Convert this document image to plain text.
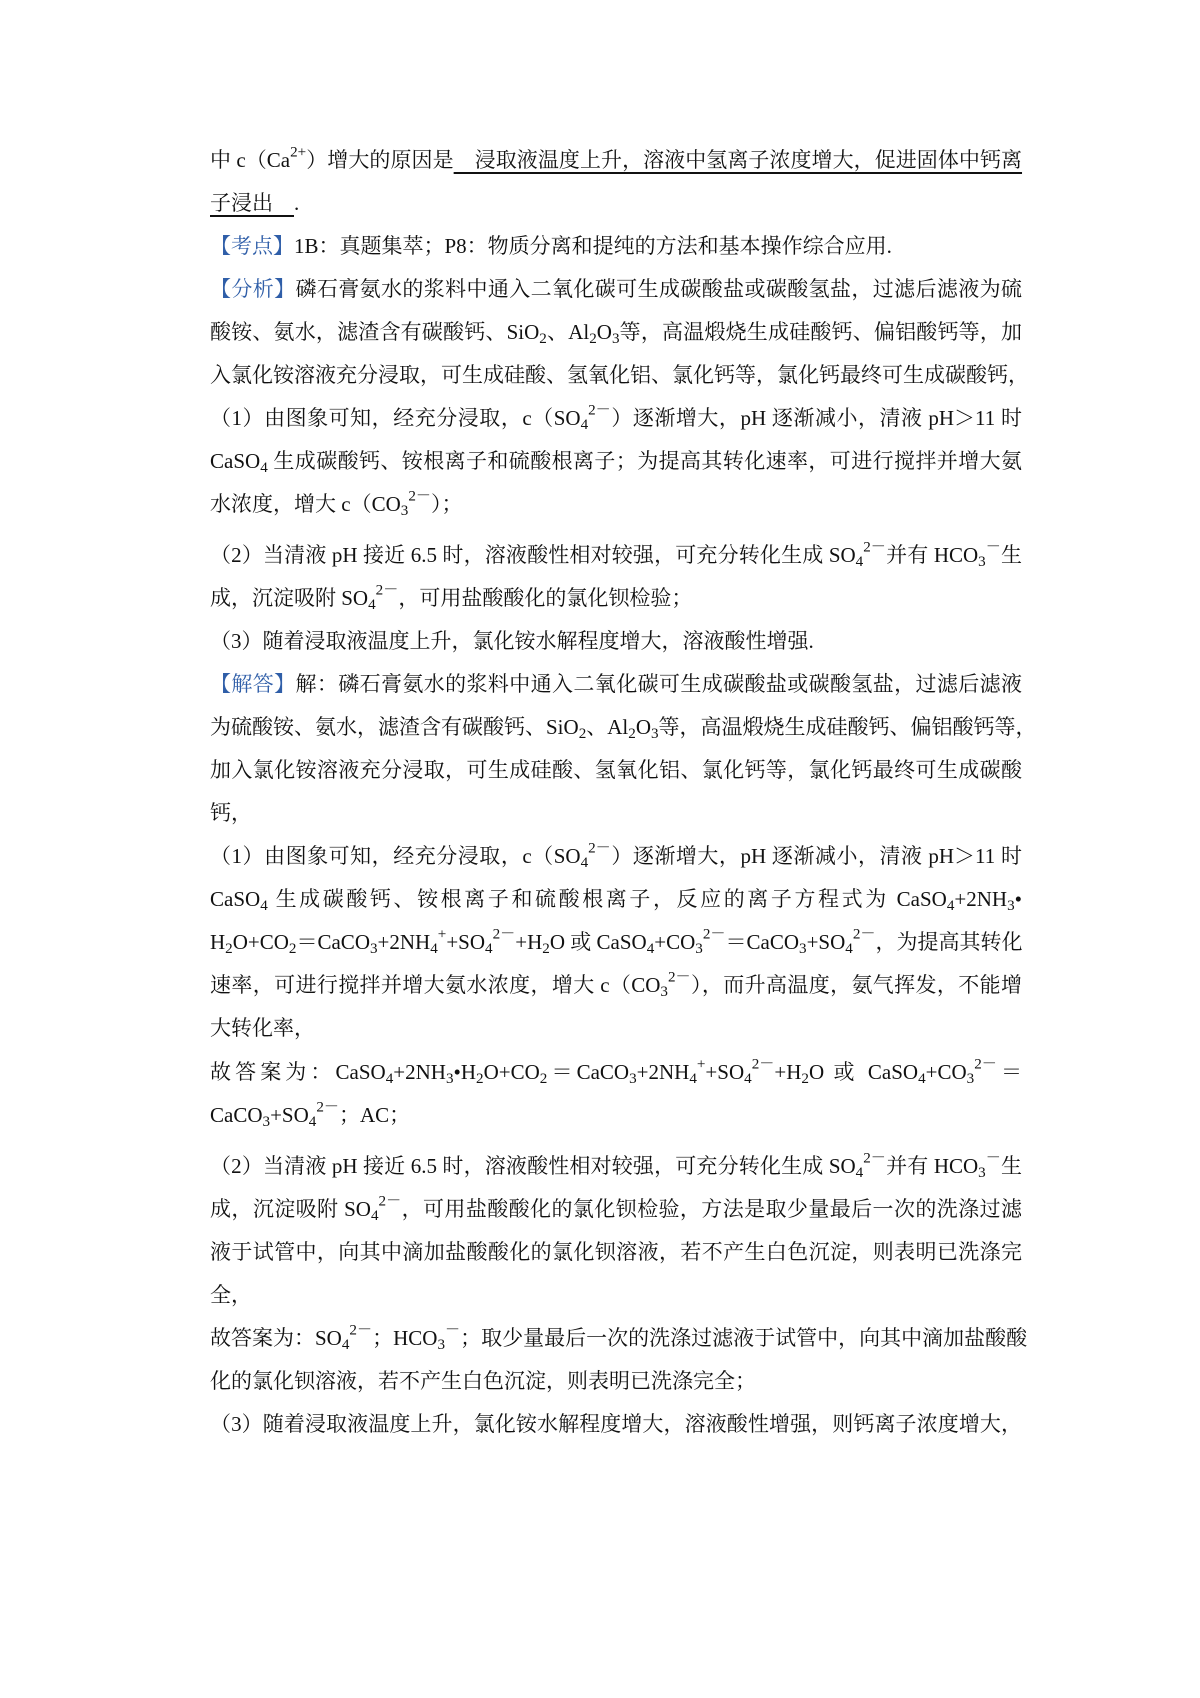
中 $c(Ca^{2+})$增大的原因是　浸取液温度上升，溶液中氢离子浓度增大，促进固体中钙离
子浸出　.
【考点】1B：真题集萃；P8：物质分离和提纯的方法和基本操作综合应用.
【分析】磷石膏氨水的浆料中通入二氧化碳可生成碳酸盐或碳酸氢盐，过滤后滤液为硫
酸铵、氨水，滤渣含有碳酸钙、SiO$_2$、$Al_2O_3$等，高温煅烧生成硅酸钙、偏铝酸钙等，加
入氯化铵溶液充分浸取，可生成硅酸、氢氧化铝、氯化钙等，氯化钙最终可生成碳酸钙，
（1）由图象可知，经充分浸取，$c(SO_4^{2-})$逐渐增大，pH 逐渐减小，清液 pH＞11 时
CaSO$_4$ 生成碳酸钙、铵根离子和硫酸根离子；为提高其转化速率，可进行搅拌并增大氨
水浓度，增大 $c(CO_3^{2-})$；
（2）当清液 pH 接近 6.5 时，溶液酸性相对较强，可充分转化生成 $SO_4^{2-}$并有 $HCO_3^-$生
成，沉淀吸附 $SO_4^{2-}$，可用盐酸酸化的氯化钡检验；
（3）随着浸取液温度上升，氯化铵水解程度增大，溶液酸性增强.
【解答】解：磷石膏氨水的浆料中通入二氧化碳可生成碳酸盐或碳酸氢盐，过滤后滤液
为硫酸铵、氨水，滤渣含有碳酸钙、SiO$_2$、$Al_2O_3$等，高温煅烧生成硅酸钙、偏铝酸钙等，
加入氯化铵溶液充分浸取，可生成硅酸、氢氧化铝、氯化钙等，氯化钙最终可生成碳酸
钙，
（1）由图象可知，经充分浸取，$c(SO_4^{2-})$逐渐增大，pH 逐渐减小，清液 pH＞11 时
CaSO$_4$ 生成碳酸钙、铵根离子和硫酸根离子，反应的离子方程式为 $CaSO_4+2NH_3•$
$H_2O+CO_2=CaCO_3+2NH_4^++SO_4^{2-}+H_2O$ 或 $CaSO_4+CO_3^{2-}=CaCO_3+SO_4^{2-}$，为提高其转化
速率，可进行搅拌并增大氨水浓度，增大 $c(CO_3^{2-})$，而升高温度，氨气挥发，不能增
大转化率，
故答案为：$CaSO_4+2NH_3•H_2O+CO_2=CaCO_3+2NH_4^++SO_4^{2-}+H_2O$ 或 $CaSO_4+CO_3^{2-}=$
$CaCO_3+SO_4^{2-}$；AC；
（2）当清液 pH 接近 6.5 时，溶液酸性相对较强，可充分转化生成 $SO_4^{2-}$并有 $HCO_3^-$生
成，沉淀吸附 $SO_4^{2-}$，可用盐酸酸化的氯化钡检验，方法是取少量最后一次的洗涤过滤
液于试管中，向其中滴加盐酸酸化的氯化钡溶液，若不产生白色沉淀，则表明已洗涤完
全，
故答案为：$SO_4^{2-}$；$HCO_3^-$；取少量最后一次的洗涤过滤液于试管中，向其中滴加盐酸酸
化的氯化钡溶液，若不产生白色沉淀，则表明已洗涤完全；
（3）随着浸取液温度上升，氯化铵水解程度增大，溶液酸性增强，则钙离子浓度增大，
